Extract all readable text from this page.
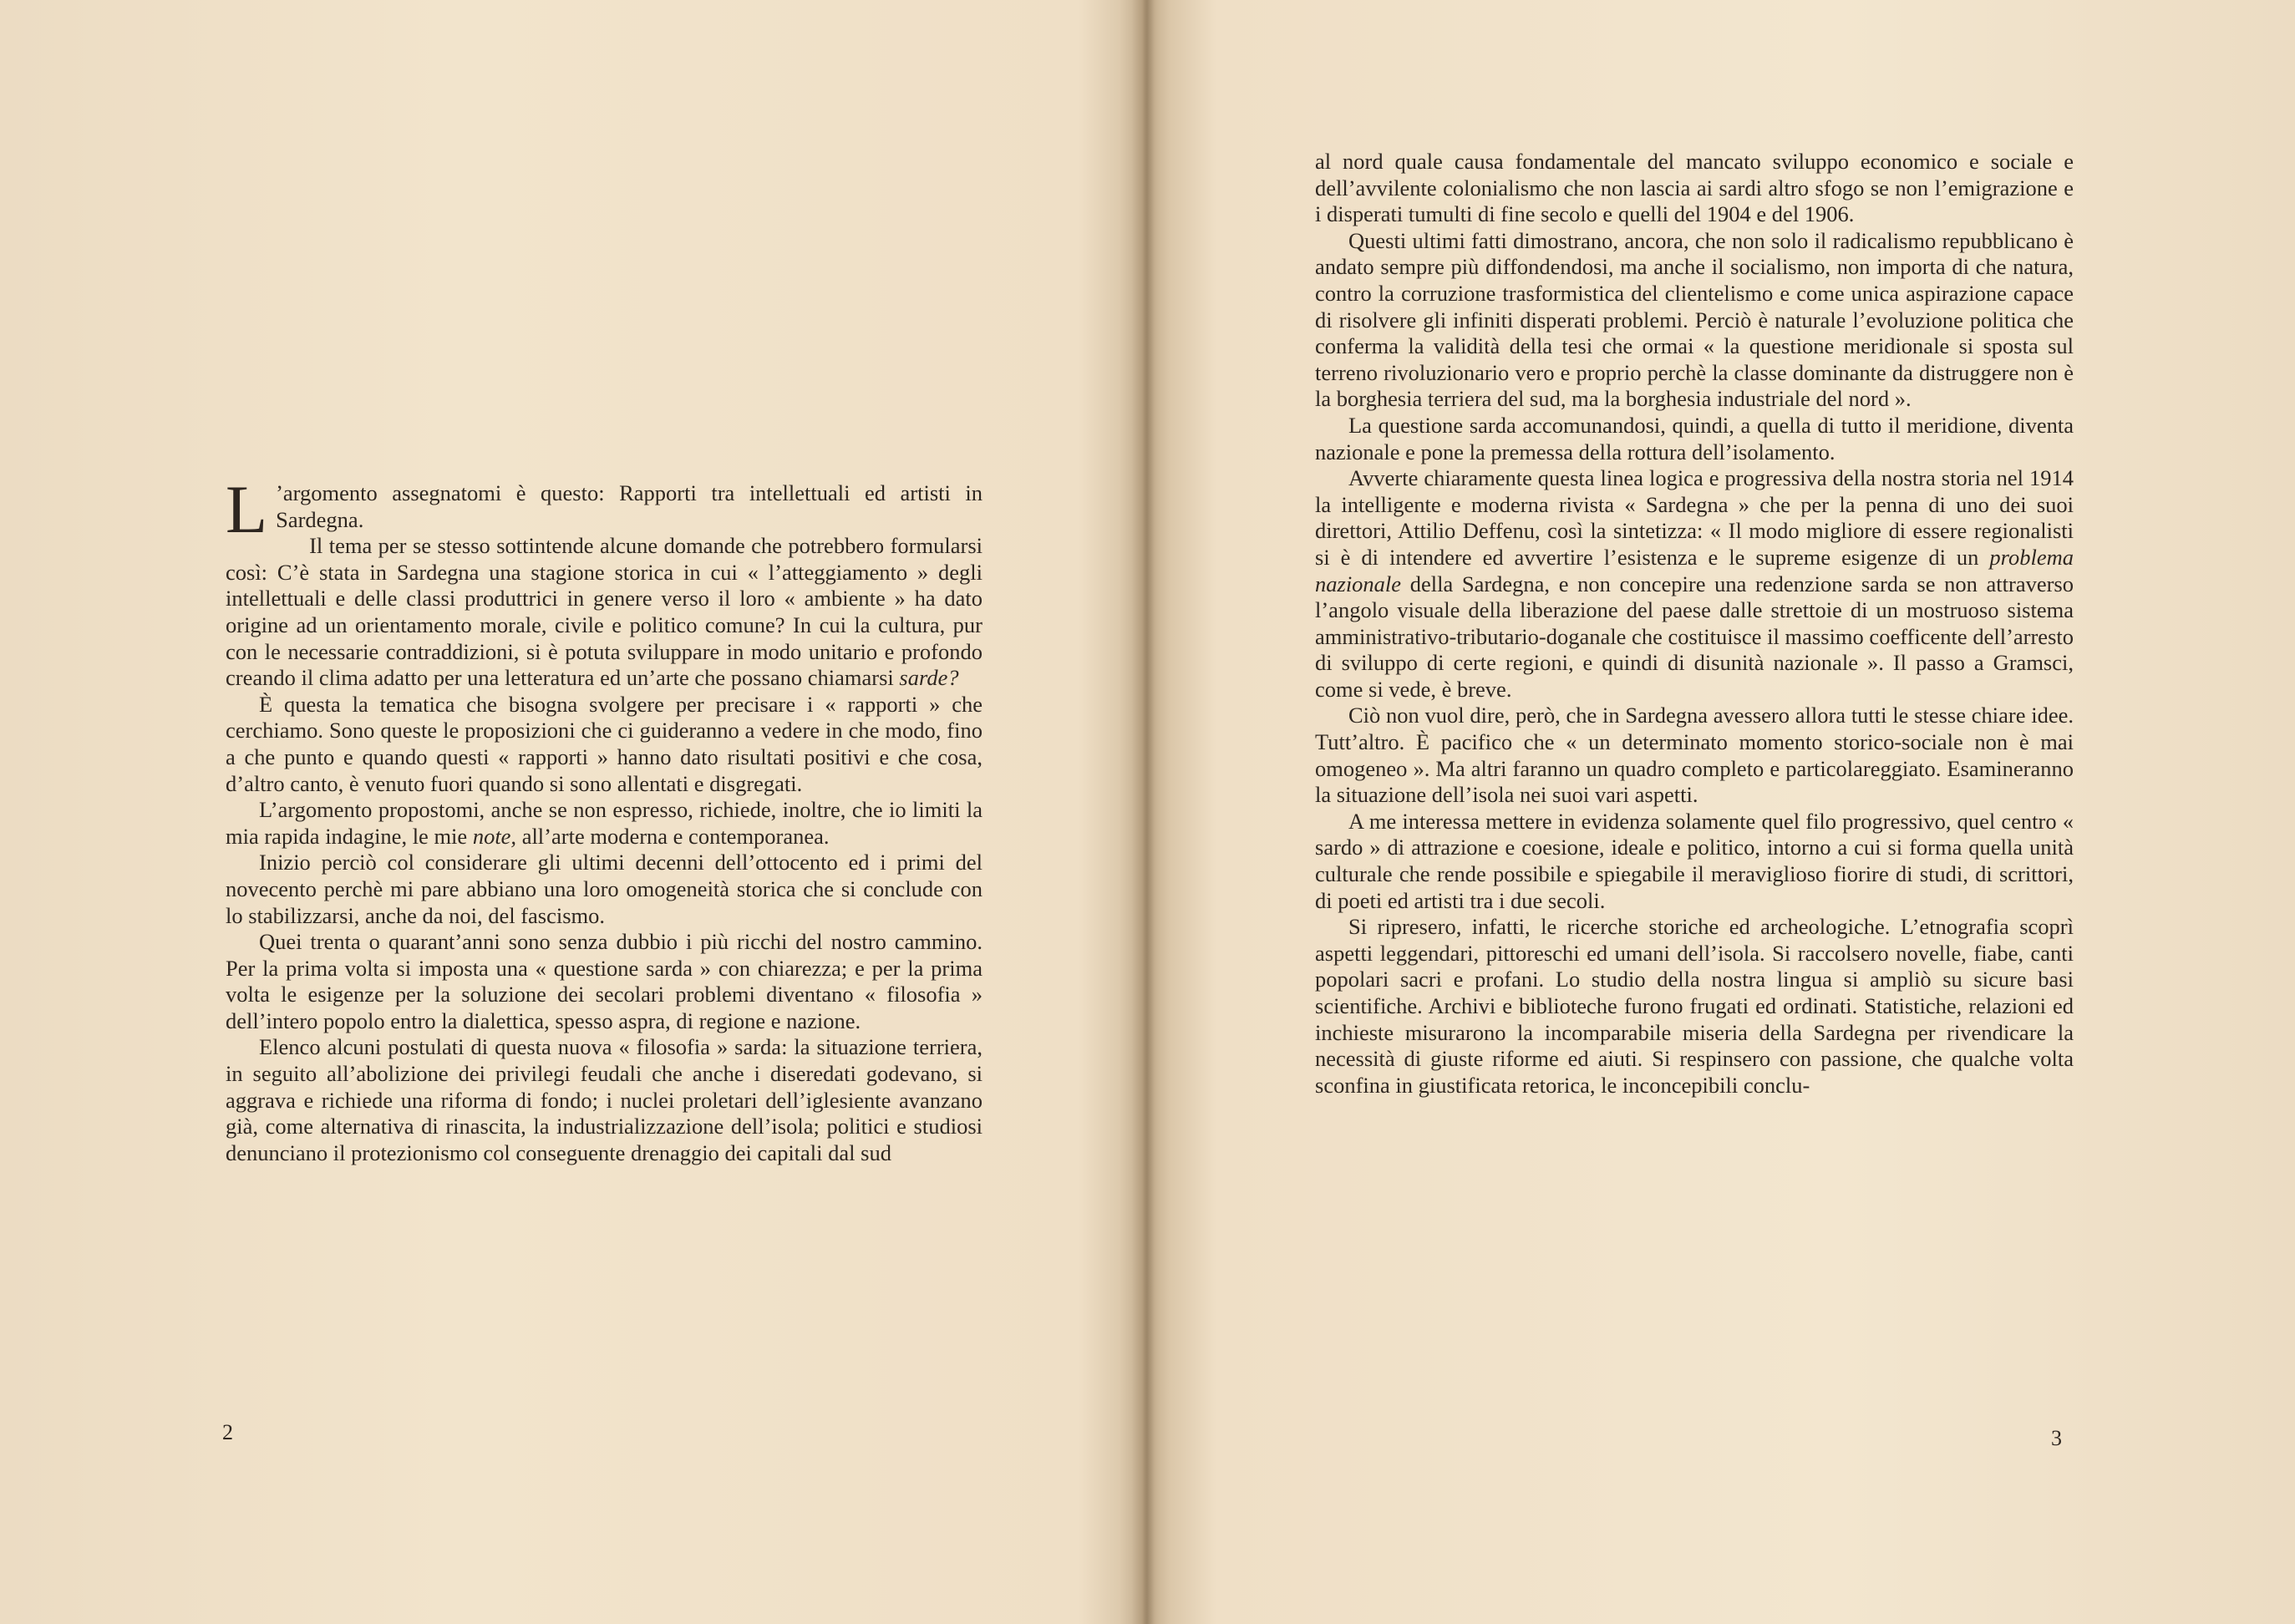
L ’argomento assegnatomi è questo: Rapporti tra intellettuali ed artisti in Sardegna.

Il tema per se stesso sottintende alcune domande che potrebbero formularsi così: C’è stata in Sardegna una stagione storica in cui « l’atteggiamento » degli intellettuali e delle classi produttrici in genere verso il loro « ambiente » ha dato origine ad un orientamento morale, civile e politico comune? In cui la cultura, pur con le necessarie contraddizioni, si è potuta sviluppare in modo unitario e profondo creando il clima adatto per una letteratura ed un’arte che possano chiamarsi sarde?

È questa la tematica che bisogna svolgere per precisare i « rapporti » che cerchiamo. Sono queste le proposizioni che ci guideranno a vedere in che modo, fino a che punto e quando questi « rapporti » hanno dato risultati positivi e che cosa, d’altro canto, è venuto fuori quando si sono allentati e disgregati.

L’argomento propostomi, anche se non espresso, richiede, inoltre, che io limiti la mia rapida indagine, le mie note, all’arte moderna e contemporanea.

Inizio perciò col considerare gli ultimi decenni dell’ottocento ed i primi del novecento perchè mi pare abbiano una loro omogeneità storica che si conclude con lo stabilizzarsi, anche da noi, del fascismo.

Quei trenta o quarant’anni sono senza dubbio i più ricchi del nostro cammino. Per la prima volta si imposta una « questione sarda » con chiarezza; e per la prima volta le esigenze per la soluzione dei secolari problemi diventano « filosofia » dell’intero popolo entro la dialettica, spesso aspra, di regione e nazione.

Elenco alcuni postulati di questa nuova « filosofia » sarda: la situazione terriera, in seguito all’abolizione dei privilegi feudali che anche i diseredati godevano, si aggrava e richiede una riforma di fondo; i nuclei proletari dell’iglesiente avanzano già, come alternativa di rinascita, la industrializzazione dell’isola; politici e studiosi denunciano il protezionismo col conseguente drenaggio dei capitali dal sud

2

al nord quale causa fondamentale del mancato sviluppo economico e sociale e dell’avvilente colonialismo che non lascia ai sardi altro sfogo se non l’emigrazione e i disperati tumulti di fine secolo e quelli del 1904 e del 1906.

Questi ultimi fatti dimostrano, ancora, che non solo il radicalismo repubblicano è andato sempre più diffondendosi, ma anche il socialismo, non importa di che natura, contro la corruzione trasformistica del clientelismo e come unica aspirazione capace di risolvere gli infiniti disperati problemi. Perciò è naturale l’evoluzione politica che conferma la validità della tesi che ormai « la questione meridionale si sposta sul terreno rivoluzionario vero e proprio perchè la classe dominante da distruggere non è la borghesia terriera del sud, ma la borghesia industriale del nord ».

La questione sarda accomunandosi, quindi, a quella di tutto il meridione, diventa nazionale e pone la premessa della rottura dell’isolamento.

Avverte chiaramente questa linea logica e progressiva della nostra storia nel 1914 la intelligente e moderna rivista « Sardegna » che per la penna di uno dei suoi direttori, Attilio Deffenu, così la sintetizza: « Il modo migliore di essere regionalisti si è di intendere ed avvertire l’esistenza e le supreme esigenze di un problema nazionale della Sardegna, e non concepire una redenzione sarda se non attraverso l’angolo visuale della liberazione del paese dalle strettoie di un mostruoso sistema amministrativo-tributario-doganale che costituisce il massimo coefficente dell’arresto di sviluppo di certe regioni, e quindi di disunità nazionale ». Il passo a Gramsci, come si vede, è breve.

Ciò non vuol dire, però, che in Sardegna avessero allora tutti le stesse chiare idee. Tutt’altro. È pacifico che « un determinato momento storico-sociale non è mai omogeneo ». Ma altri faranno un quadro completo e particolareggiato. Esamineranno la situazione dell’isola nei suoi vari aspetti.

A me interessa mettere in evidenza solamente quel filo progressivo, quel centro « sardo » di attrazione e coesione, ideale e politico, intorno a cui si forma quella unità culturale che rende possibile e spiegabile il meraviglioso fiorire di studi, di scrittori, di poeti ed artisti tra i due secoli.

Si ripresero, infatti, le ricerche storiche ed archeologiche. L’etnografia scoprì aspetti leggendari, pittoreschi ed umani dell’isola. Si raccolsero novelle, fiabe, canti popolari sacri e profani. Lo studio della nostra lingua si ampliò su sicure basi scientifiche. Archivi e biblioteche furono frugati ed ordinati. Statistiche, relazioni ed inchieste misurarono la incomparabile miseria della Sardegna per rivendicare la necessità di giuste riforme ed aiuti. Si respinsero con passione, che qualche volta sconfina in giustificata retorica, le inconcepibili conclu-

3
